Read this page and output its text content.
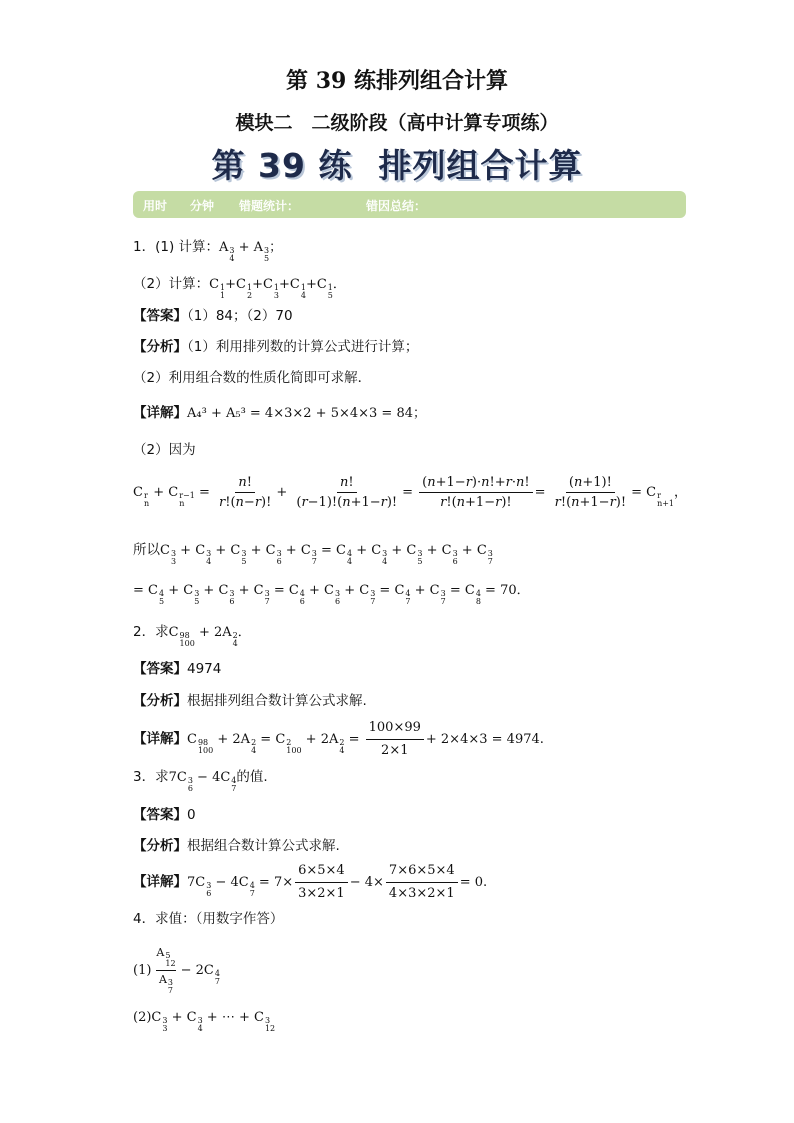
第 39 练排列组合计算
模块二　二级阶段（高中计算专项练）
第 39 练 排列组合计算
用时 分钟 错题统计：	错因总结：
1．(1) 计算：A 3
4
+ A 3
5
；
（2）计算：C 1
1
+C 1
2
+C 1
3
+C 1
4
+C 1
5
．
【答案】（1）84；（2）70
【分析】（1）利用排列数的计算公式进行计算；
（2）利用组合数的性质化简即可求解．
【详解】A₄³ + A₅³ = 4×3×2 + 5×4×3 = 84；
（2）因为
C r
n
+ C r−1
n
= $\frac{n!}{r!(n-r)!} + \frac{n!}{(r-1)!(n+1-r)!} = \frac{(n+1-r)\cdot n!+r\cdot n!}{r!(n+1-r)!} = \frac{(n+1)!}{r!(n+1-r)!} = C$ r
n+1
，
所以C 3
3
+ C 3
4
+ C 3
5
+ C 3
6
+ C 3
7
= C 4
4
+ C 3
4
+ C 3
5
+ C 3
6
+ C 3
7
= C 4
5
+ C 3
5
+ C 3
6
+ C 3
7
= C 4
6
+ C 3
6
+ C 3
7
= C 4
7
+ C 3
7
= C 4
8
= 70．
2．求C 98
100
+ 2A 2
4
．
【答案】4974
【分析】根据排列组合数计算公式求解.
【详解】C 98
100
+ 2A 2
4
= C 2
100
+ 2A 2
4
= $\frac{100\times 99}{2\times 1} + 2\times 4\times 3 = 4974$.
3．求7C 3
6
− 4C 4
7
的值.
【答案】0
【分析】根据组合数计算公式求解.
【详解】7C 3
6
− 4C 4
7
= $7\times \frac{6\times 5\times 4}{3\times 2\times 1} - 4\times \frac{7\times 6\times 5\times 4}{4\times 3\times 2\times 1} = 0$.
4．求值：（用数字作答）
(1) A 5
12
A 3
7 − 2C 4
7
(2)C 3
3
+ C 3
4
+ ⋯ + C 3
12
